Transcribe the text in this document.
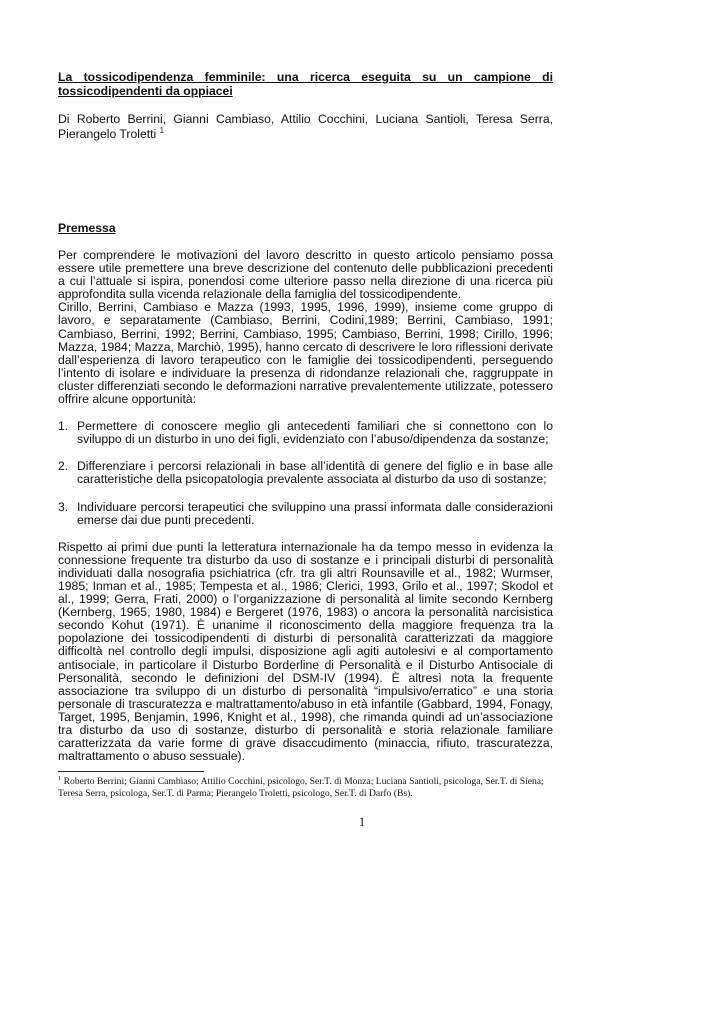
La tossicodipendenza femminile: una ricerca eseguita su un campione di tossicodipendenti da oppiacei

Di Roberto Berrini, Gianni Cambiaso, Attilio Cocchini, Luciana Santioli, Teresa Serra, Pierangelo Troletti $^1$

Premessa

Per comprendere le motivazioni del lavoro descritto in questo articolo pensiamo possa essere utile premettere una breve descrizione del contenuto delle pubblicazioni precedenti a cui l’attuale si ispira, ponendosi come ulteriore passo nella direzione di una ricerca più approfondita sulla vicenda relazionale della famiglia del tossicodipendente.

Cirillo, Berrini, Cambiaso e Mazza (1993, 1995, 1996, 1999), insieme come gruppo di lavoro, e separatamente (Cambiaso, Berrini, Codini,1989; Berrini, Cambiaso, 1991; Cambiaso, Berrini, 1992; Berrini, Cambiaso, 1995; Cambiaso, Berrini, 1998; Cirillo, 1996; Mazza, 1984; Mazza, Marchiò, 1995), hanno cercato di descrivere le loro riflessioni derivate dall’esperienza di lavoro terapeutico con le famiglie dei tossicodipendenti, perseguendo l’intento di isolare e individuare la presenza di ridondanze relazionali che, raggruppate in cluster differenziati secondo le deformazioni narrative prevalentemente utilizzate, potessero offrire alcune opportunità:

1. Permettere di conoscere meglio gli antecedenti familiari che si connettono con lo sviluppo di un disturbo in uno dei figli, evidenziato con l’abuso/dipendenza da sostanze;
2. Differenziare i percorsi relazionali in base all’identità di genere del figlio e in base alle caratteristiche della psicopatologia prevalente associata al disturbo da uso di sostanze;
3. Individuare percorsi terapeutici che sviluppino una prassi informata dalle considerazioni emerse dai due punti precedenti.

Rispetto ai primi due punti la letteratura internazionale ha da tempo messo in evidenza la connessione frequente tra disturbo da uso di sostanze e i principali disturbi di personalità individuati dalla nosografia psichiatrica (cfr. tra gli altri Rounsaville et al., 1982; Wurmser, 1985; Inman et al., 1985; Tempesta et al., 1986; Clerici, 1993, Grilo et al., 1997; Skodol et al., 1999; Gerra, Frati, 2000) o l’organizzazione di personalità al limite secondo Kernberg (Kernberg, 1965, 1980, 1984) e Bergeret (1976, 1983) o ancora la personalità narcisistica secondo Kohut (1971). È unanime il riconoscimento della maggiore frequenza tra la popolazione dei tossicodipendenti di disturbi di personalità caratterizzati da maggiore difficoltà nel controllo degli impulsi, disposizione agli agiti autolesivi e al comportamento antisociale, in particolare il Disturbo Borderline di Personalità e il Disturbo Antisociale di Personalità, secondo le definizioni del DSM-IV (1994). È altresì nota la frequente associazione tra sviluppo di un disturbo di personalità “impulsivo/erratico” e una storia personale di trascuratezza e maltrattamento/abuso in età infantile (Gabbard, 1994, Fonagy, Target, 1995, Benjamin, 1996, Knight et al., 1998), che rimanda quindi ad un’associazione tra disturbo da uso di sostanze, disturbo di personalità e storia relazionale familiare caratterizzata da varie forme di grave disaccudimento (minaccia, rifiuto, trascuratezza, maltrattamento o abuso sessuale).

$^1$ Roberto Berrini; Gianni Cambiaso; Attilio Cocchini, psicologo, Ser.T. di Monza; Luciana Santioli, psicologa, Ser.T. di Siena; Teresa Serra, psicologa, Ser.T. di Parma; Pierangelo Troletti, psicologo, Ser.T. di Darfo (Bs).

1
